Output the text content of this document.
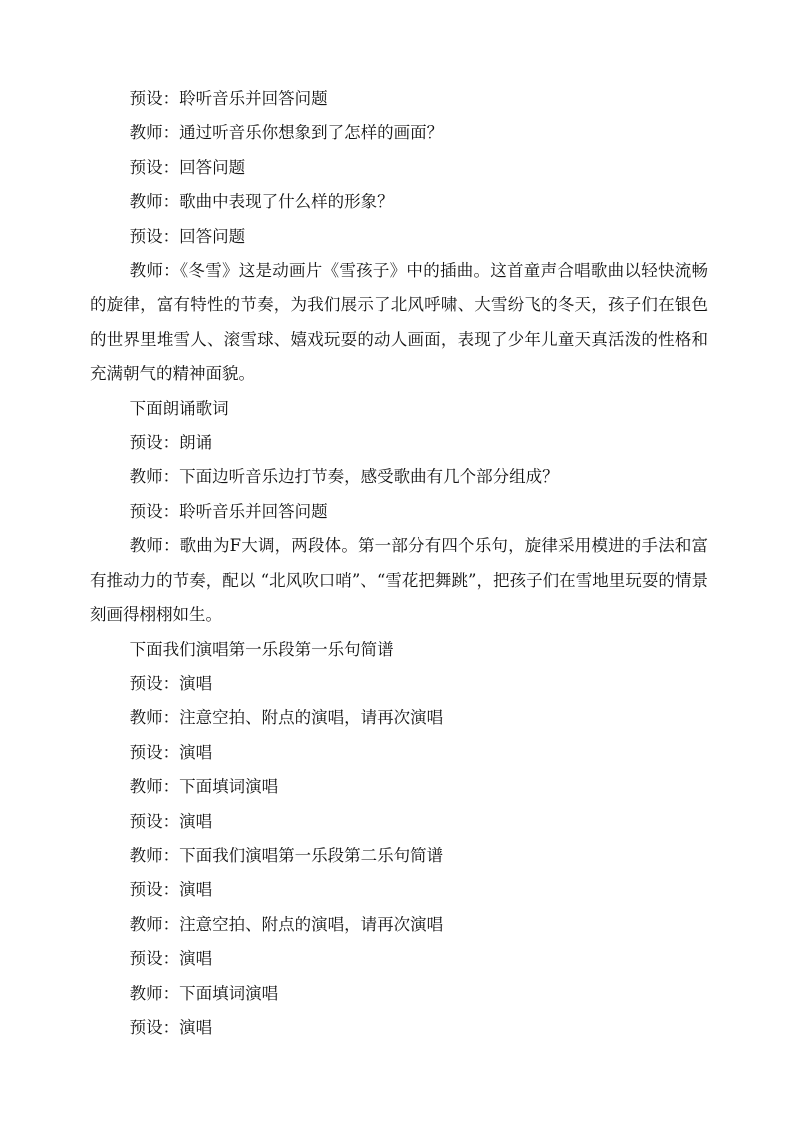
预设：聆听音乐并回答问题

教师：通过听音乐你想象到了怎样的画面？

预设：回答问题

教师：歌曲中表现了什么样的形象？

预设：回答问题

教师：《冬雪》这是动画片《雪孩子》中的插曲。这首童声合唱歌曲以轻快流畅的旋律，富有特性的节奏，为我们展示了北风呼啸、大雪纷飞的冬天，孩子们在银色的世界里堆雪人、滚雪球、嬉戏玩耍的动人画面，表现了少年儿童天真活泼的性格和充满朝气的精神面貌。

下面朗诵歌词

预设：朗诵

教师：下面边听音乐边打节奏，感受歌曲有几个部分组成？

预设：聆听音乐并回答问题

教师：歌曲为F大调，两段体。第一部分有四个乐句，旋律采用模进的手法和富有推动力的节奏，配以 “北风吹口哨”、“雪花把舞跳”，把孩子们在雪地里玩耍的情景刻画得栩栩如生。

下面我们演唱第一乐段第一乐句简谱

预设：演唱

教师：注意空拍、附点的演唱，请再次演唱

预设：演唱

教师：下面填词演唱

预设：演唱

教师：下面我们演唱第一乐段第二乐句简谱

预设：演唱

教师：注意空拍、附点的演唱，请再次演唱

预设：演唱

教师：下面填词演唱

预设：演唱
